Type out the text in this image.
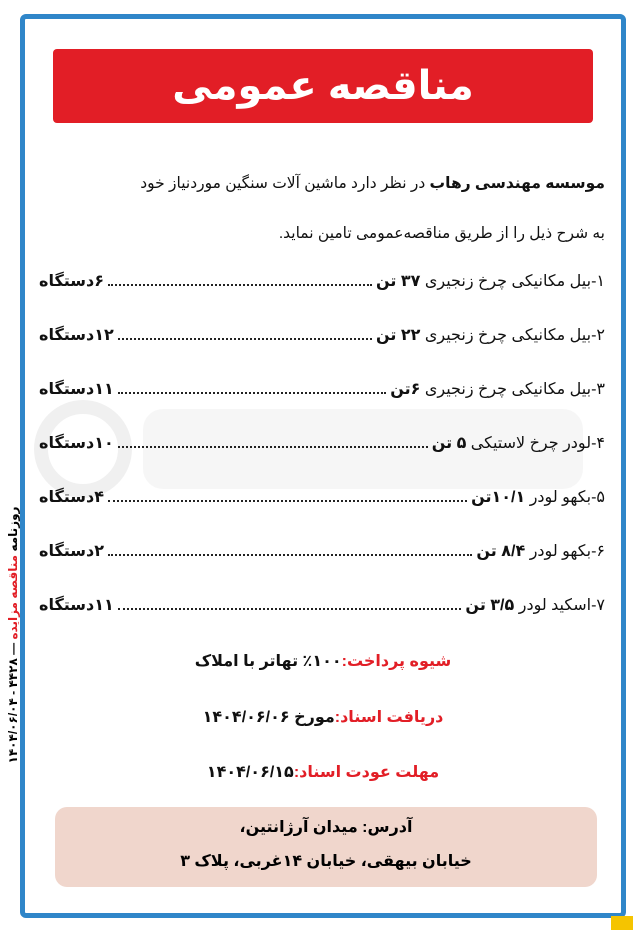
روزنامه مناقصه مزایده — ۴۴۲۸ - ۱۴۰۴/۰۶/۰۴
مناقصه عمومی
موسسه مهندسی رهاب در نظر دارد ماشین آلات سنگین موردنیاز خود
به شرح ذیل را از طریق مناقصه‌عمومی تامین نماید.
۱-بیل مکانیکی چرخ زنجیری ۳۷ تن
۶دستگاه
۲-بیل مکانیکی چرخ زنجیری ۲۲ تن
۱۲دستگاه
۳-بیل مکانیکی چرخ زنجیری ۶تن
۱۱دستگاه
۴-لودر چرخ لاستیکی ۵ تن
۱۰دستگاه
۵-بکهو لودر ۱۰/۱تن
۴دستگاه
۶-بکهو لودر ۸/۴ تن
۲دستگاه
۷-اسکید لودر ۳/۵ تن
۱۱دستگاه
شیوه پرداخت:۱۰۰٪ تهاتر با املاک
دریافت اسناد:مورخ ۱۴۰۴/۰۶/۰۶
مهلت عودت اسناد:۱۴۰۴/۰۶/۱۵
آدرس: میدان آرژانتین،
خیابان بیهقی، خیابان ۱۴غربی، پلاک ۳
